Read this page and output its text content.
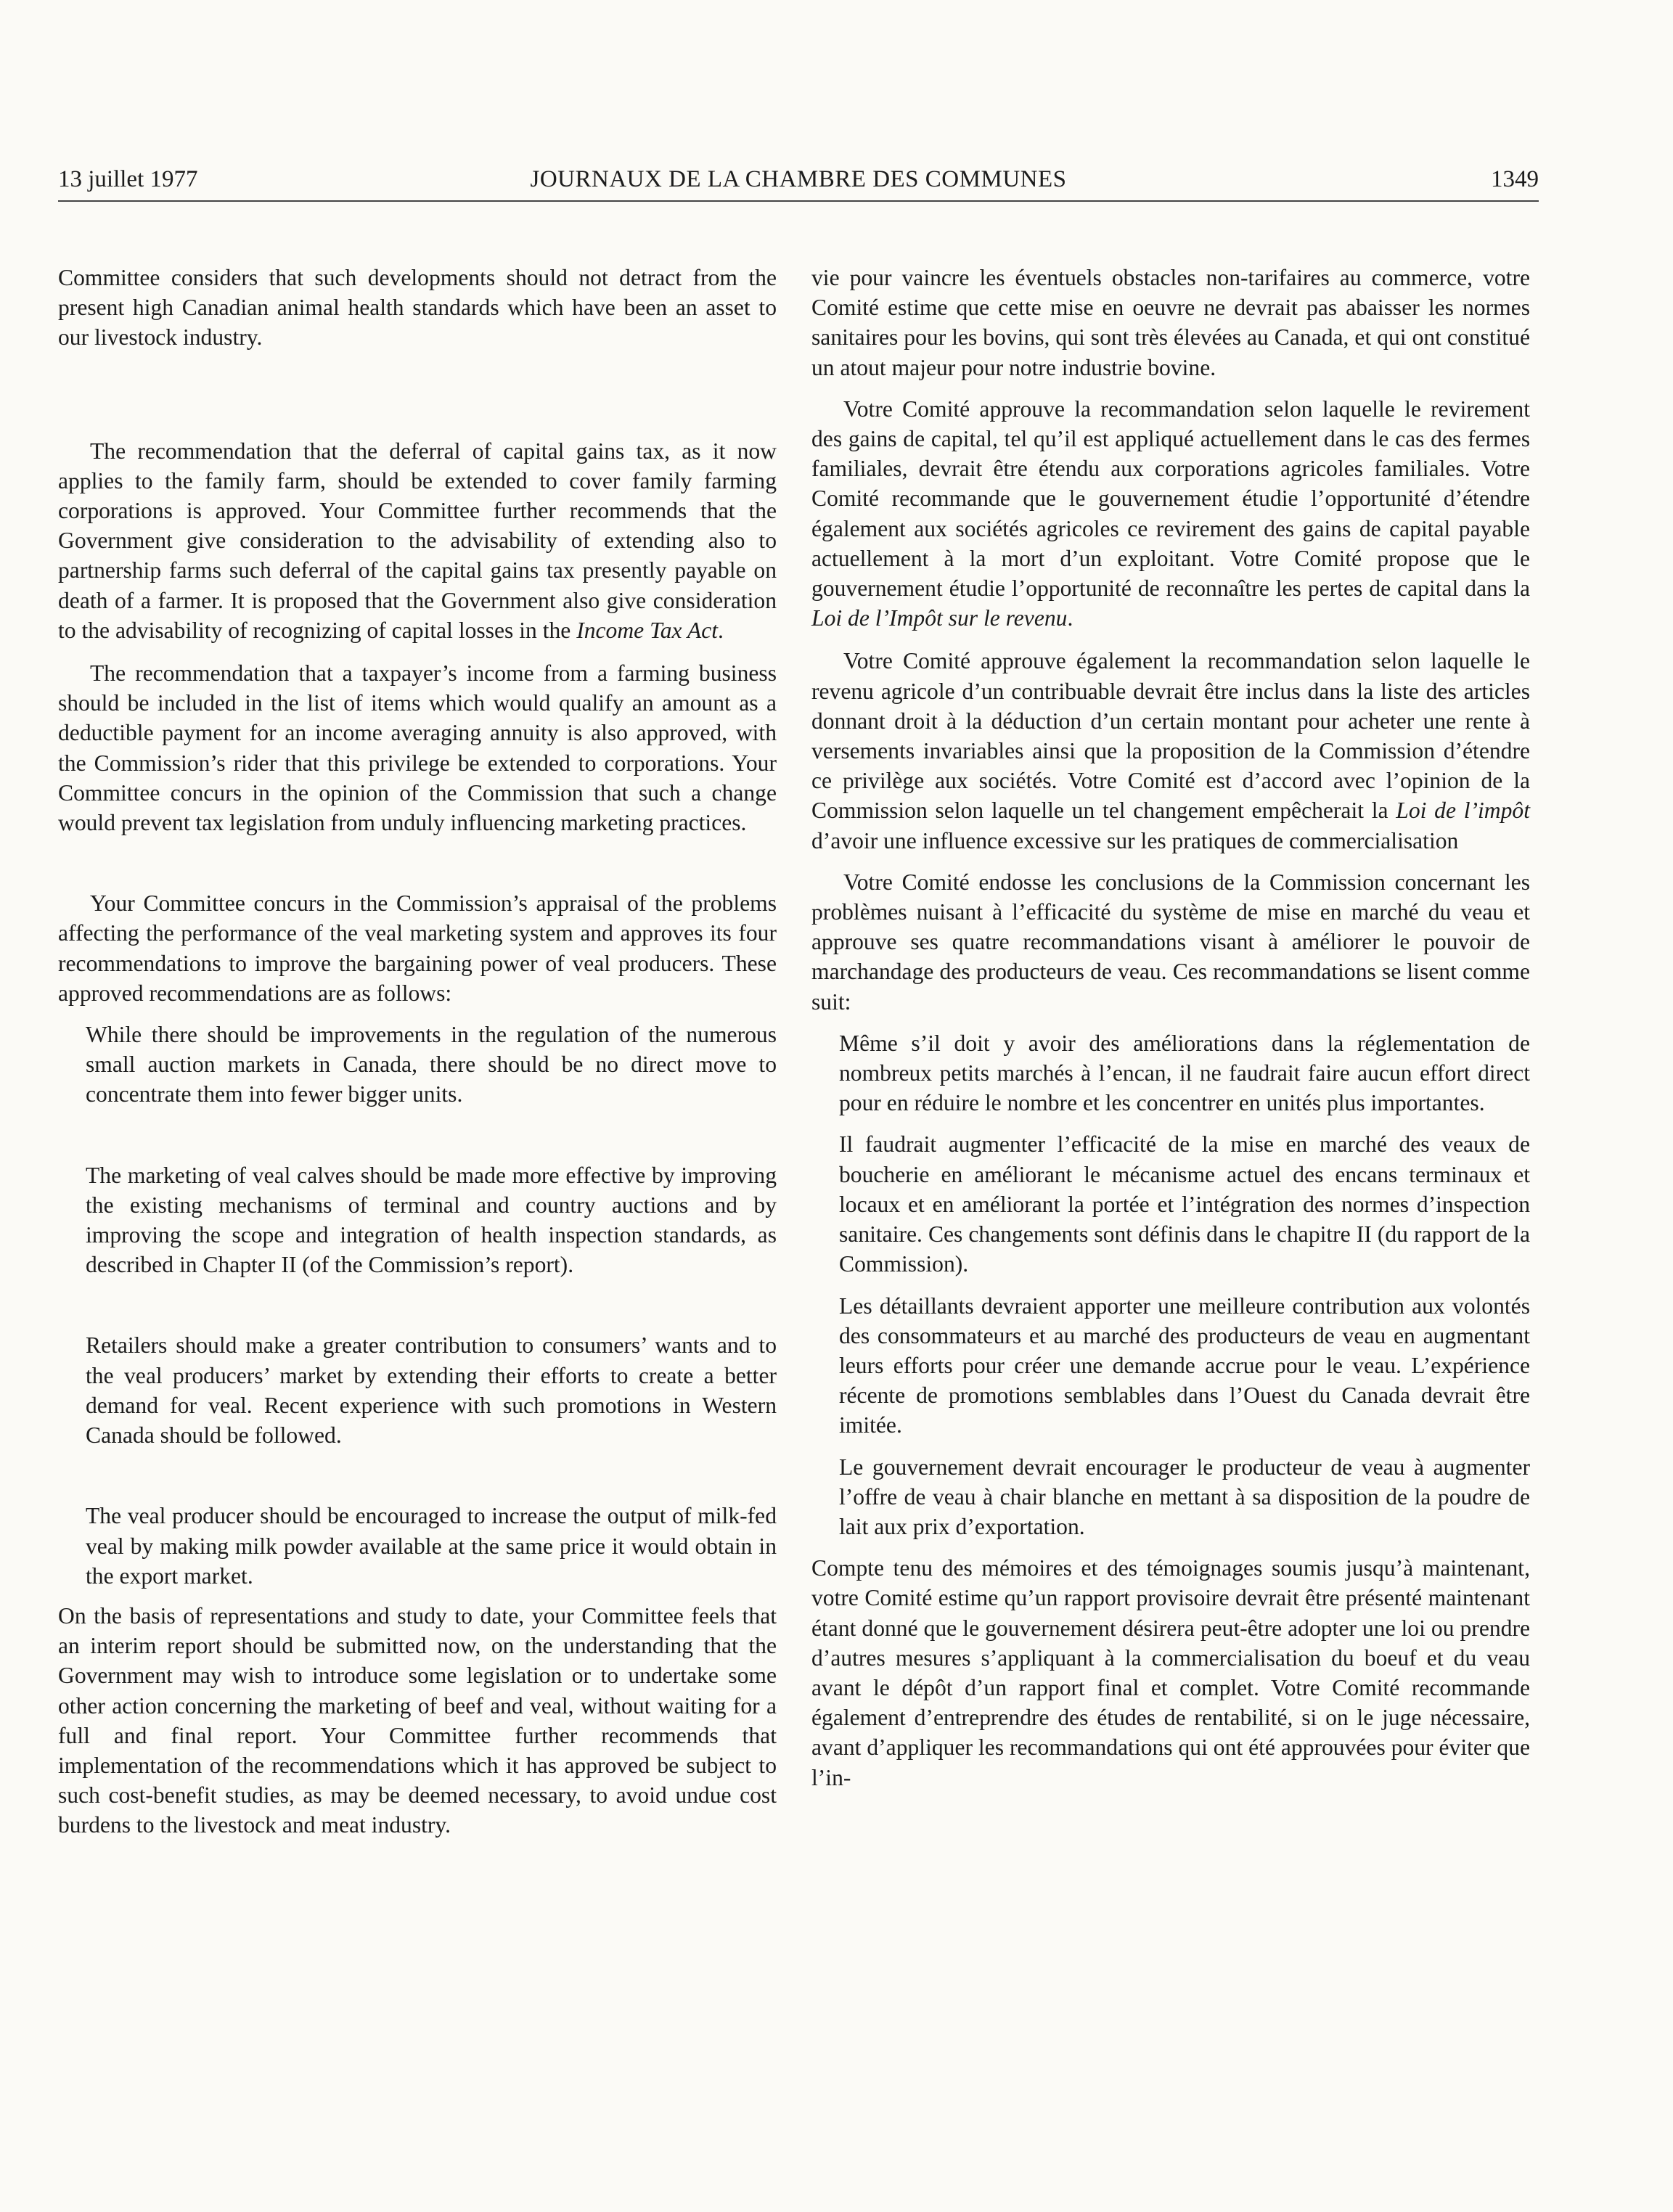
13 juillet 1977	JOURNAUX DE LA CHAMBRE DES COMMUNES	1349

Committee considers that such developments should not detract from the present high Canadian animal health standards which have been an asset to our livestock industry.

The recommendation that the deferral of capital gains tax, as it now applies to the family farm, should be extended to cover family farming corporations is approved. Your Committee further recommends that the Government give consideration to the advisability of extending also to partnership farms such deferral of the capital gains tax presently payable on death of a farmer. It is proposed that the Government also give consideration to the advisability of recognizing of capital losses in the Income Tax Act.

The recommendation that a taxpayer’s income from a farming business should be included in the list of items which would qualify an amount as a deductible payment for an income averaging annuity is also approved, with the Commission’s rider that this privilege be extended to corporations. Your Committee concurs in the opinion of the Commission that such a change would prevent tax legislation from unduly influencing marketing practices.

Your Committee concurs in the Commission’s appraisal of the problems affecting the performance of the veal marketing system and approves its four recommendations to improve the bargaining power of veal producers. These approved recommendations are as follows:

While there should be improvements in the regulation of the numerous small auction markets in Canada, there should be no direct move to concentrate them into fewer bigger units.

The marketing of veal calves should be made more effective by improving the existing mechanisms of terminal and country auctions and by improving the scope and integration of health inspection standards, as described in Chapter II (of the Commission’s report).

Retailers should make a greater contribution to consumers’ wants and to the veal producers’ market by extending their efforts to create a better demand for veal. Recent experience with such promotions in Western Canada should be followed.

The veal producer should be encouraged to increase the output of milk-fed veal by making milk powder available at the same price it would obtain in the export market.

On the basis of representations and study to date, your Committee feels that an interim report should be submitted now, on the understanding that the Government may wish to introduce some legislation or to undertake some other action concerning the marketing of beef and veal, without waiting for a full and final report. Your Committee further recommends that implementation of the recommendations which it has approved be subject to such cost-benefit studies, as may be deemed necessary, to avoid undue cost burdens to the livestock and meat industry.

vie pour vaincre les éventuels obstacles non-tarifaires au commerce, votre Comité estime que cette mise en oeuvre ne devrait pas abaisser les normes sanitaires pour les bovins, qui sont très élevées au Canada, et qui ont constitué un atout majeur pour notre industrie bovine.

Votre Comité approuve la recommandation selon laquelle le revirement des gains de capital, tel qu’il est appliqué actuellement dans le cas des fermes familiales, devrait être étendu aux corporations agricoles familiales. Votre Comité recommande que le gouvernement étudie l’opportunité d’étendre également aux sociétés agricoles ce revirement des gains de capital payable actuellement à la mort d’un exploitant. Votre Comité propose que le gouvernement étudie l’opportunité de reconnaître les pertes de capital dans la Loi de l’Impôt sur le revenu.

Votre Comité approuve également la recommandation selon laquelle le revenu agricole d’un contribuable devrait être inclus dans la liste des articles donnant droit à la déduction d’un certain montant pour acheter une rente à versements invariables ainsi que la proposition de la Commission d’étendre ce privilège aux sociétés. Votre Comité est d’accord avec l’opinion de la Commission selon laquelle un tel changement empêcherait la Loi de l’impôt d’avoir une influence excessive sur les pratiques de commercialisation

Votre Comité endosse les conclusions de la Commission concernant les problèmes nuisant à l’efficacité du système de mise en marché du veau et approuve ses quatre recommandations visant à améliorer le pouvoir de marchandage des producteurs de veau. Ces recommandations se lisent comme suit:

Même s’il doit y avoir des améliorations dans la réglementation de nombreux petits marchés à l’encan, il ne faudrait faire aucun effort direct pour en réduire le nombre et les concentrer en unités plus importantes.

Il faudrait augmenter l’efficacité de la mise en marché des veaux de boucherie en améliorant le mécanisme actuel des encans terminaux et locaux et en améliorant la portée et l’intégration des normes d’inspection sanitaire. Ces changements sont définis dans le chapitre II (du rapport de la Commission).

Les détaillants devraient apporter une meilleure contribution aux volontés des consommateurs et au marché des producteurs de veau en augmentant leurs efforts pour créer une demande accrue pour le veau. L’expérience récente de promotions semblables dans l’Ouest du Canada devrait être imitée.

Le gouvernement devrait encourager le producteur de veau à augmenter l’offre de veau à chair blanche en mettant à sa disposition de la poudre de lait aux prix d’exportation.

Compte tenu des mémoires et des témoignages soumis jusqu’à maintenant, votre Comité estime qu’un rapport provisoire devrait être présenté maintenant étant donné que le gouvernement désirera peut-être adopter une loi ou prendre d’autres mesures s’appliquant à la commercialisation du boeuf et du veau avant le dépôt d’un rapport final et complet. Votre Comité recommande également d’entreprendre des études de rentabilité, si on le juge nécessaire, avant d’appliquer les recommandations qui ont été approuvées pour éviter que l’in-
